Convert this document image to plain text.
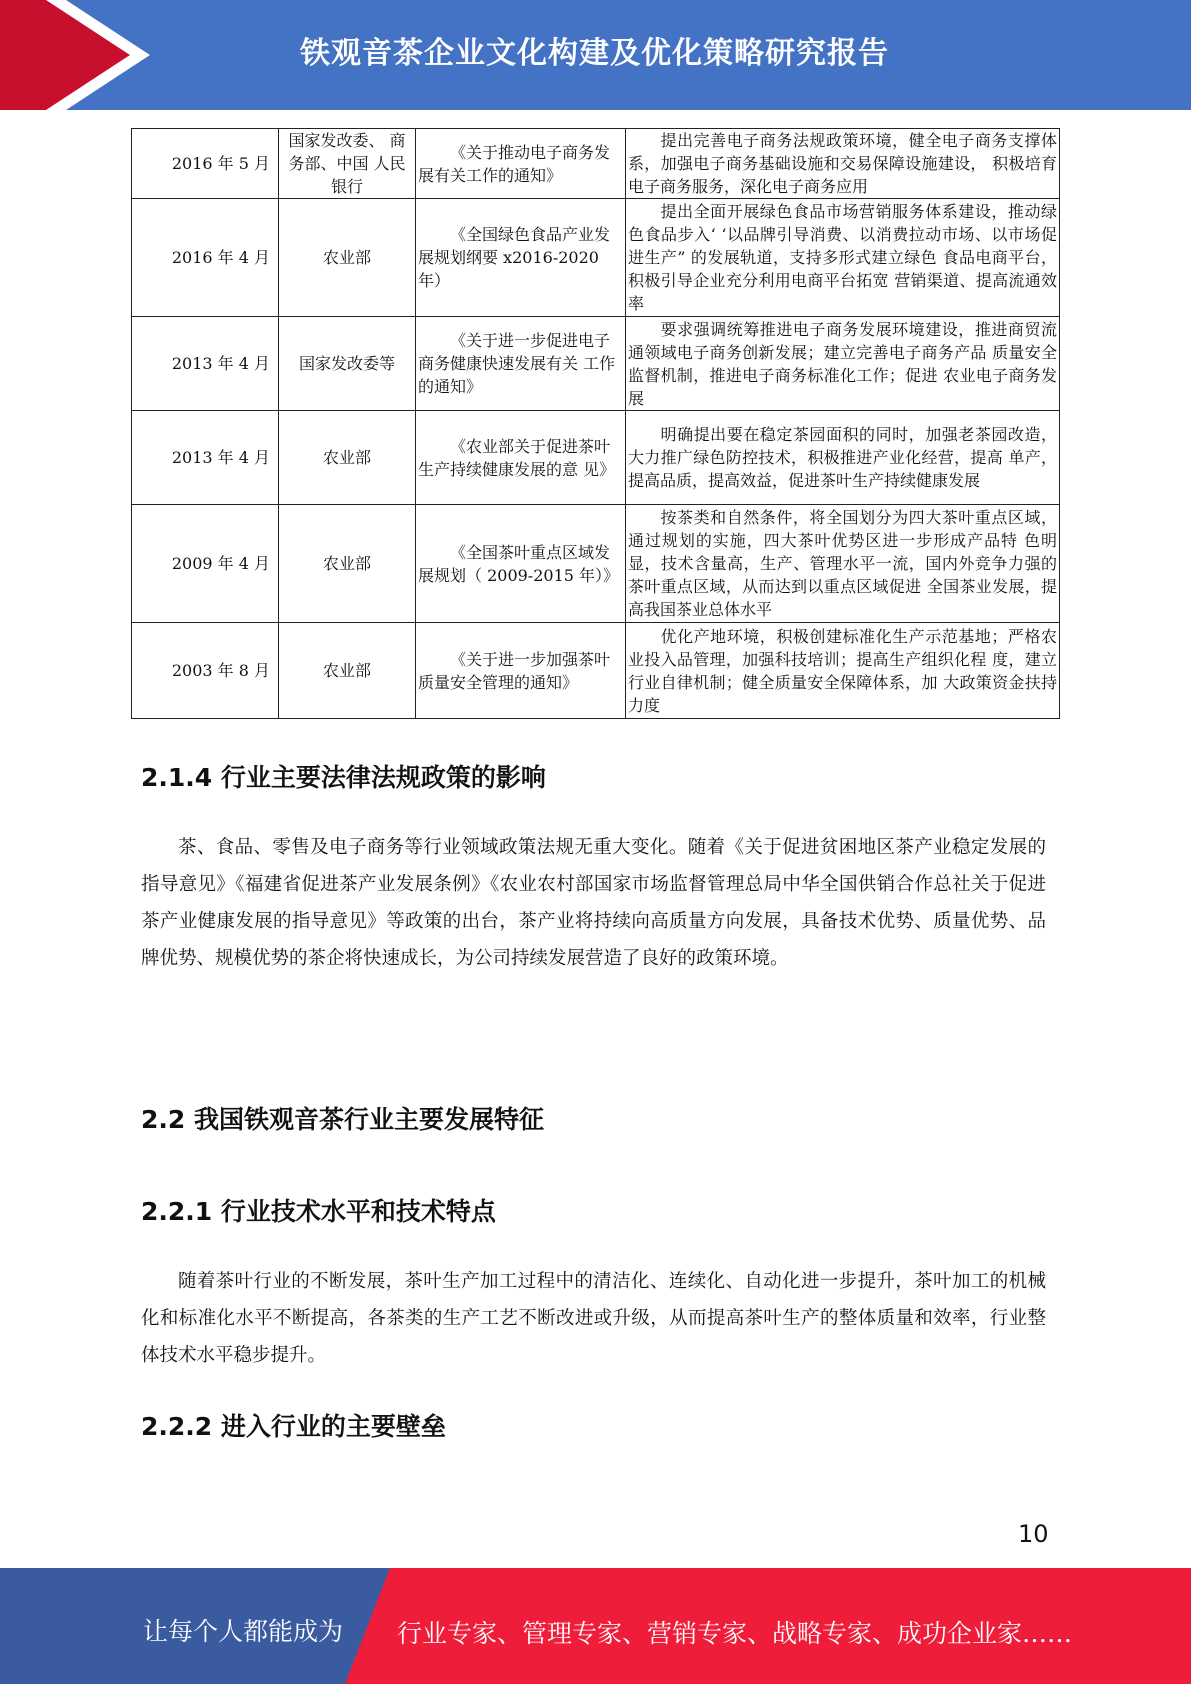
铁观音茶企业文化构建及优化策略研究报告
2016 年 5 月	国家发改委、 商务部、中国 人民银行	《关于推动电子商务发 展有关工作的通知》	提出完善电子商务法规政策环境，健全电子商务支撑体系，加强电子商务基础设施和交易保障设施建设， 积极培育电子商务服务，深化电子商务应用
2016 年 4 月	农业部	《全国绿色食品产业发 展规划纲要 x2016-2020 年）	提出全面开展绿色食品市场营销服务体系建设，推动绿色食品步入‘ ‘以品牌引导消费、以消费拉动市场、以市场促进生产” 的发展轨道，支持多形式建立绿色 食品电商平台，积极引导企业充分利用电商平台拓宽 营销渠道、提高流通效率
2013 年 4 月	国家发改委等	《关于进一步促进电子 商务健康快速发展有关 工作的通知》	要求强调统筹推进电子商务发展环境建设，推进商贸流通领域电子商务创新发展；建立完善电子商务产品 质量安全监督机制，推进电子商务标准化工作；促进 农业电子商务发展
2013 年 4 月	农业部	《农业部关于促进茶叶 生产持续健康发展的意 见》	明确提出要在稳定茶园面积的同时，加强老茶园改造， 大力推广绿色防控技术，积极推进产业化经营，提高 单产，提高品质，提高效益，促进茶叶生产持续健康发展
2009 年 4 月	农业部	《全国茶叶重点区域发 展规划（ 2009-2015 年）》	按茶类和自然条件，将全国划分为四大茶叶重点区域， 通过规划的实施，四大茶叶优势区进一步形成产品特 色明显，技术含量高，生产、管理水平一流，国内外竞争力强的茶叶重点区域，从而达到以重点区域促进 全国茶业发展，提高我国茶业总体水平
2003 年 8 月	农业部	《关于进一步加强茶叶 质量安全管理的通知》	优化产地环境，积极创建标准化生产示范基地；严格农业投入品管理，加强科技培训；提高生产组织化程 度，建立行业自律机制；健全质量安全保障体系，加 大政策资金扶持力度
2.1.4 行业主要法律法规政策的影响

茶、食品、零售及电子商务等行业领域政策法规无重大变化。随着《关于促进贫困地区茶产业稳定发展的指导意见》《福建省促进茶产业发展条例》《农业农村部国家市场监督管理总局中华全国供销合作总社关于促进茶产业健康发展的指导意见》等政策的出台，茶产业将持续向高质量方向发展，具备技术优势、质量优势、品牌优势、规模优势的茶企将快速成长，为公司持续发展营造了良好的政策环境。

2.2 我国铁观音茶行业主要发展特征
2.2.1 行业技术水平和技术特点

随着茶叶行业的不断发展，茶叶生产加工过程中的清洁化、连续化、自动化进一步提升，茶叶加工的机械化和标准化水平不断提高，各茶类的生产工艺不断改进或升级，从而提高茶叶生产的整体质量和效率，行业整体技术水平稳步提升。

2.2.2 进入行业的主要壁垒
10
让每个人都能成为 行业专家、管理专家、营销专家、战略专家、成功企业家……
